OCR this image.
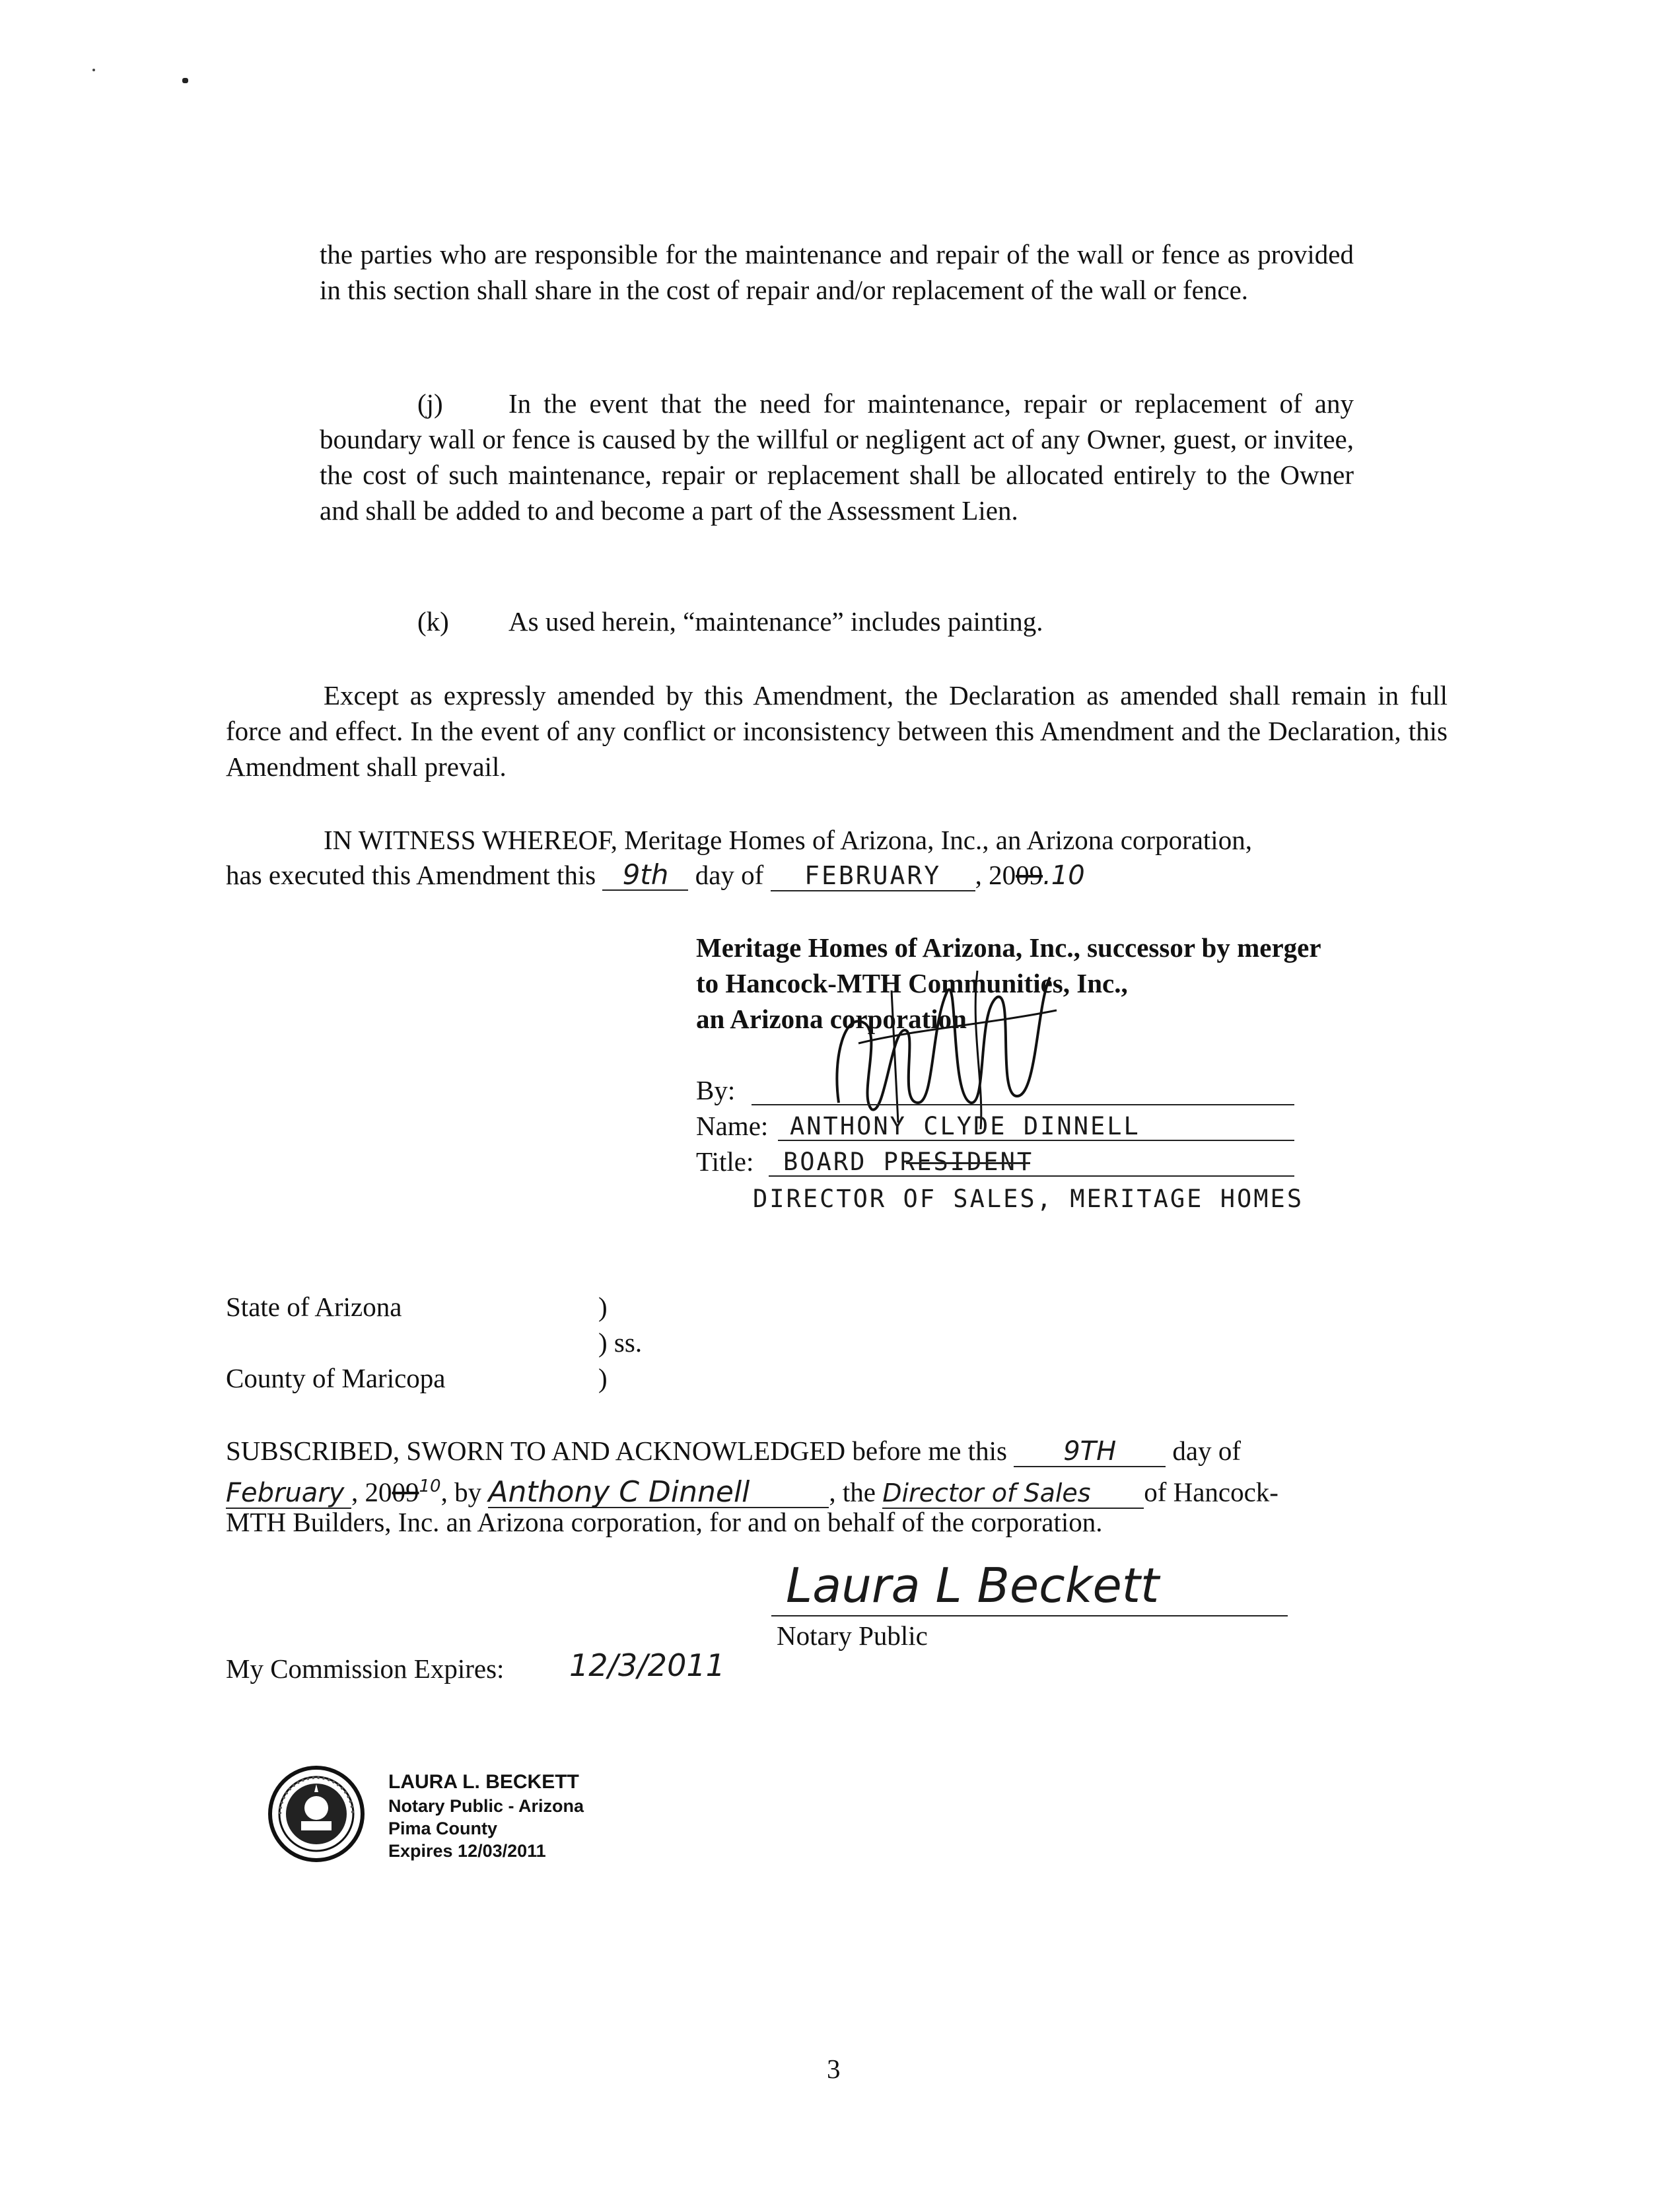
the parties who are responsible for the maintenance and repair of the wall or fence as provided in this section shall share in the cost of repair and/or replacement of the wall or fence.
(j)	In the event that the need for maintenance, repair or replacement of any boundary wall or fence is caused by the willful or negligent act of any Owner, guest, or invitee, the cost of such maintenance, repair or replacement shall be allocated entirely to the Owner and shall be added to and become a part of the Assessment Lien.
(k) As used herein, “maintenance” includes painting.
Except as expressly amended by this Amendment, the Declaration as amended shall remain in full force and effect. In the event of any conflict or inconsistency between this Amendment and the Declaration, this Amendment shall prevail.
IN WITNESS WHEREOF, Meritage Homes of Arizona, Inc., an Arizona corporation,
has executed this Amendment this 9th day of FEBRUARY , 2009.10
Meritage Homes of Arizona, Inc., successor by merger
to Hancock-MTH Communities, Inc.,
an Arizona corporation
By:
Name: ANTHONY CLYDE DINNELL
Title: BOARD PRESIDENT
DIRECTOR OF SALES, MERITAGE HOMES
State of Arizona	)
) ss.
County of Maricopa	)
SUBSCRIBED, SWORN TO AND ACKNOWLEDGED before me this 9TH day of
February , 2009$^{10}$, by Anthony C Dinnell	, the Director of Sales of Hancock-
MTH Builders, Inc. an Arizona corporation, for and on behalf of the corporation.
Laura L Beckett
Notary Public
My Commission Expires: 12/3/2011
LAURA L. BECKETT
Notary Public - Arizona
Pima County
Expires 12/03/2011
3
